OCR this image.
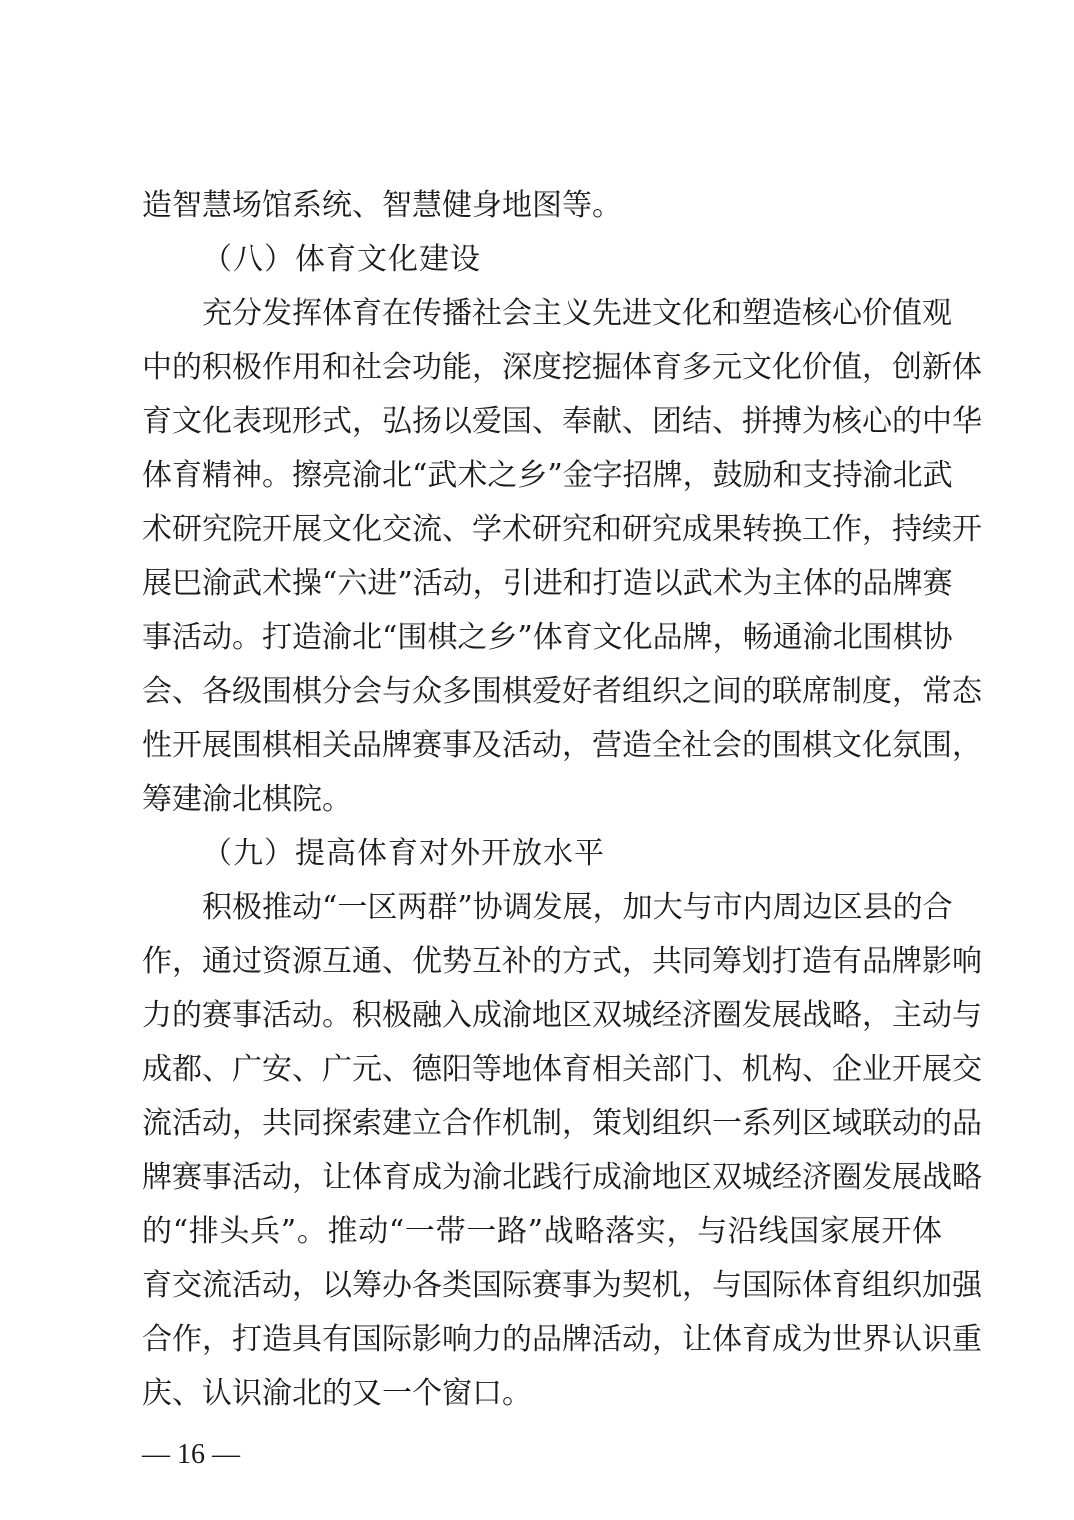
造智慧场馆系统、智慧健身地图等。
（八）体育文化建设
充分发挥体育在传播社会主义先进文化和塑造核心价值观
中的积极作用和社会功能，深度挖掘体育多元文化价值，创新体
育文化表现形式，弘扬以爱国、奉献、团结、拼搏为核心的中华
体育精神。擦亮渝北“武术之乡”金字招牌，鼓励和支持渝北武
术研究院开展文化交流、学术研究和研究成果转换工作，持续开
展巴渝武术操“六进”活动，引进和打造以武术为主体的品牌赛
事活动。打造渝北“围棋之乡”体育文化品牌，畅通渝北围棋协
会、各级围棋分会与众多围棋爱好者组织之间的联席制度，常态
性开展围棋相关品牌赛事及活动，营造全社会的围棋文化氛围，
筹建渝北棋院。
（九）提高体育对外开放水平
积极推动“一区两群”协调发展，加大与市内周边区县的合
作，通过资源互通、优势互补的方式，共同筹划打造有品牌影响
力的赛事活动。积极融入成渝地区双城经济圈发展战略，主动与
成都、广安、广元、德阳等地体育相关部门、机构、企业开展交
流活动，共同探索建立合作机制，策划组织一系列区域联动的品
牌赛事活动，让体育成为渝北践行成渝地区双城经济圈发展战略
的“排头兵”。推动“一带一路”战略落实，与沿线国家展开体
育交流活动，以筹办各类国际赛事为契机，与国际体育组织加强
合作，打造具有国际影响力的品牌活动，让体育成为世界认识重
庆、认识渝北的又一个窗口。
— 16 —
